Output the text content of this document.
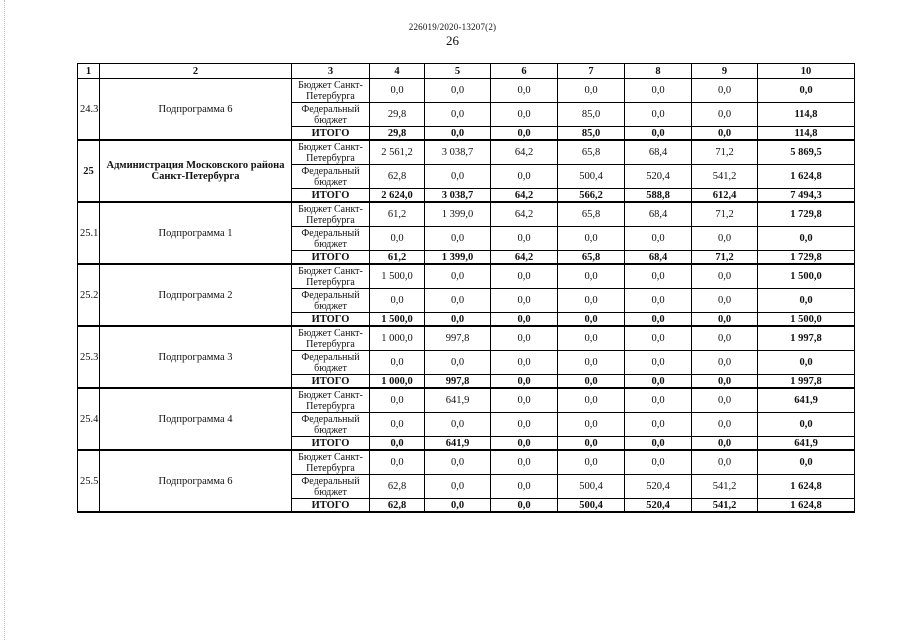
226019/2020-13207(2)
26
1	2	3	4	5	6	7	8	9	10
24.3	Подпрограмма 6	Бюджет Санкт-Петербурга	0,0	0,0	0,0	0,0	0,0	0,0	0,0
		Федеральный бюджет	29,8	0,0	0,0	85,0	0,0	0,0	114,8
		ИТОГО	29,8	0,0	0,0	85,0	0,0	0,0	114,8
25	Администрация Московского района Санкт-Петербурга	Бюджет Санкт-Петербурга	2 561,2	3 038,7	64,2	65,8	68,4	71,2	5 869,5
		Федеральный бюджет	62,8	0,0	0,0	500,4	520,4	541,2	1 624,8
		ИТОГО	2 624,0	3 038,7	64,2	566,2	588,8	612,4	7 494,3
25.1	Подпрограмма 1	Бюджет Санкт-Петербурга	61,2	1 399,0	64,2	65,8	68,4	71,2	1 729,8
		Федеральный бюджет	0,0	0,0	0,0	0,0	0,0	0,0	0,0
		ИТОГО	61,2	1 399,0	64,2	65,8	68,4	71,2	1 729,8
25.2	Подпрограмма 2	Бюджет Санкт-Петербурга	1 500,0	0,0	0,0	0,0	0,0	0,0	1 500,0
		Федеральный бюджет	0,0	0,0	0,0	0,0	0,0	0,0	0,0
		ИТОГО	1 500,0	0,0	0,0	0,0	0,0	0,0	1 500,0
25.3	Подпрограмма 3	Бюджет Санкт-Петербурга	1 000,0	997,8	0,0	0,0	0,0	0,0	1 997,8
		Федеральный бюджет	0,0	0,0	0,0	0,0	0,0	0,0	0,0
		ИТОГО	1 000,0	997,8	0,0	0,0	0,0	0,0	1 997,8
25.4	Подпрограмма 4	Бюджет Санкт-Петербурга	0,0	641,9	0,0	0,0	0,0	0,0	641,9
		Федеральный бюджет	0,0	0,0	0,0	0,0	0,0	0,0	0,0
		ИТОГО	0,0	641,9	0,0	0,0	0,0	0,0	641,9
25.5	Подпрограмма 6	Бюджет Санкт-Петербурга	0,0	0,0	0,0	0,0	0,0	0,0	0,0
		Федеральный бюджет	62,8	0,0	0,0	500,4	520,4	541,2	1 624,8
		ИТОГО	62,8	0,0	0,0	500,4	520,4	541,2	1 624,8
